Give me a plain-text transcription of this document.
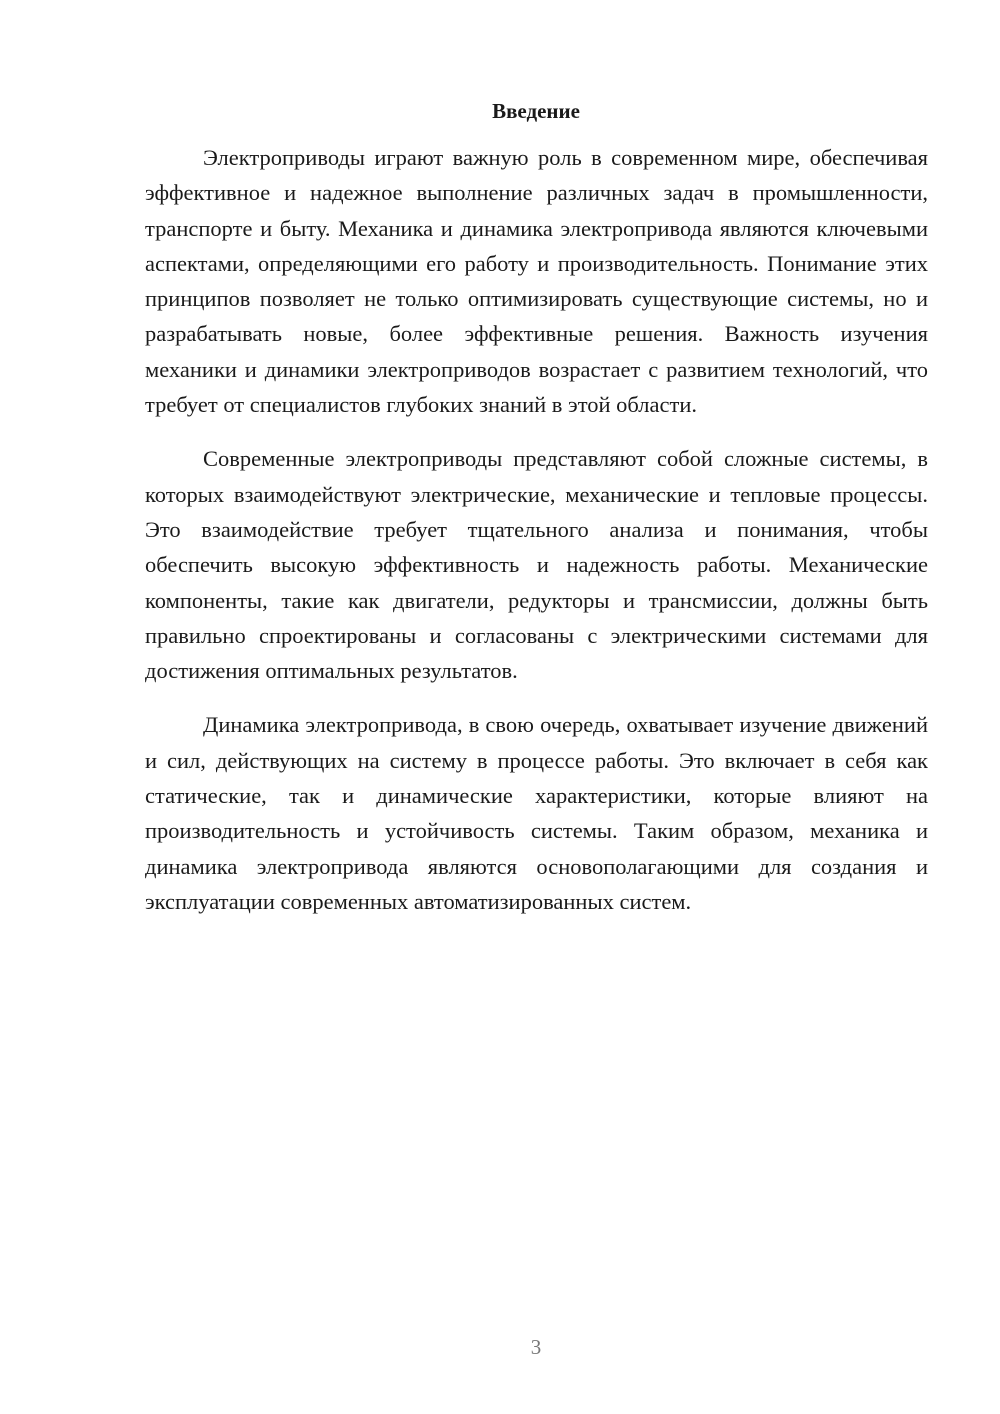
Введение

Электроприводы играют важную роль в современном мире, обеспечивая эффективное и надежное выполнение различных задач в промышленности, транспорте и быту. Механика и динамика электропривода являются ключевыми аспектами, определяющими его работу и производительность. Понимание этих принципов позволяет не только оптимизировать существующие системы, но и разрабатывать новые, более эффективные решения. Важность изучения механики и динамики электроприводов возрастает с развитием технологий, что требует от специалистов глубоких знаний в этой области.

Современные электроприводы представляют собой сложные системы, в которых взаимодействуют электрические, механические и тепловые процессы. Это взаимодействие требует тщательного анализа и понимания, чтобы обеспечить высокую эффективность и надежность работы. Механические компоненты, такие как двигатели, редукторы и трансмиссии, должны быть правильно спроектированы и согласованы с электрическими системами для достижения оптимальных результатов.

Динамика электропривода, в свою очередь, охватывает изучение движений и сил, действующих на систему в процессе работы. Это включает в себя как статические, так и динамические характеристики, которые влияют на производительность и устойчивость системы. Таким образом, механика и динамика электропривода являются основополагающими для создания и эксплуатации современных автоматизированных систем.

3
